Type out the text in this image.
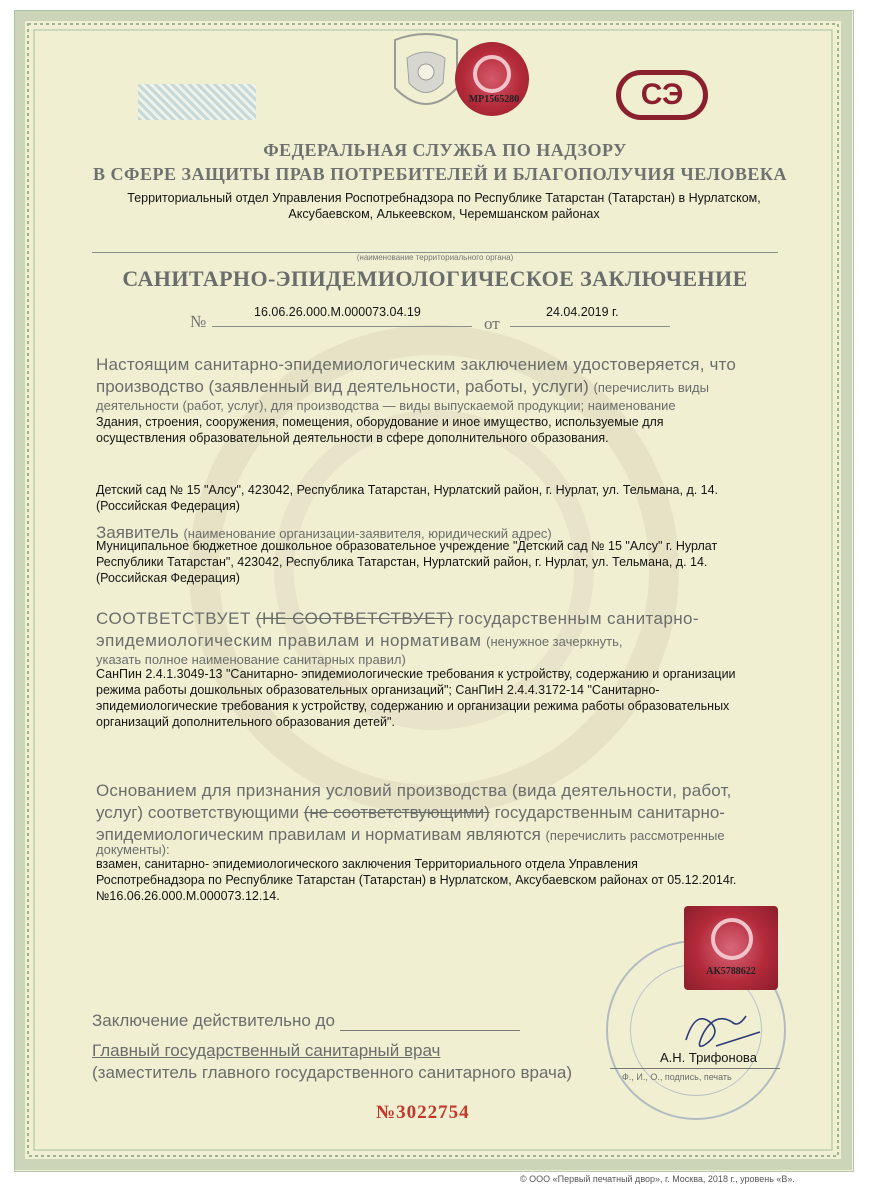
МР1565280	СЭ
ФЕДЕРАЛЬНАЯ СЛУЖБА ПО НАДЗОРУ
В СФЕРЕ ЗАЩИТЫ ПРАВ ПОТРЕБИТЕЛЕЙ И БЛАГОПОЛУЧИЯ ЧЕЛОВЕКА
Территориальный отдел Управления Роспотребнадзора по Республике Татарстан (Татарстан) в Нурлатском,
Аксубаевском, Алькеевском, Черемшанском районах
(наименование территориального органа)
САНИТАРНО-ЭПИДЕМИОЛОГИЧЕСКОЕ ЗАКЛЮЧЕНИЕ
№	16.06.26.000.М.000073.04.19
от
24.04.2019 г.
Настоящим санитарно-эпидемиологическим заключением удостоверяется, что
производство (заявленный вид деятельности, работы, услуги) (перечислить виды
деятельности (работ, услуг), для производства — виды выпускаемой продукции; наименование
Здания, строения, сооружения, помещения, оборудование и иное имущество, используемые для
осуществления образовательной деятельности в сфере дополнительного образования.
Детский сад № 15 "Алсу", 423042, Республика Татарстан, Нурлатский район, г. Нурлат, ул. Тельмана, д. 14.
(Российская Федерация)
Заявитель (наименование организации-заявителя, юридический адрес)
Муниципальное бюджетное дошкольное образовательное учреждение "Детский сад № 15 "Алсу" г. Нурлат
Республики Татарстан", 423042, Республика Татарстан, Нурлатский район, г. Нурлат, ул. Тельмана, д. 14.
(Российская Федерация)
СООТВЕТСТВУЕТ (НЕ СООТВЕТСТВУЕТ) государственным санитарно-
эпидемиологическим правилам и нормативам (ненужное зачеркнуть,
указать полное наименование санитарных правил)
СанПин 2.4.1.3049-13 "Санитарно- эпидемиологические требования к устройству, содержанию и организации
режима работы дошкольных образовательных организаций"; СанПиН 2.4.4.3172-14 "Санитарно-
эпидемиологические требования к устройству, содержанию и организации режима работы образовательных
организаций дополнительного образования детей".
Основанием для признания условий производства (вида деятельности, работ,
услуг) соответствующими (не соответствующими) государственным санитарно-
эпидемиологическим правилам и нормативам являются (перечислить рассмотренные
документы):
взамен, санитарно- эпидемиологического заключения Территориального отдела Управления
Роспотребнадзора по Республике Татарстан (Татарстан) в Нурлатском, Аксубаевском районах от 05.12.2014г.
№16.06.26.000.М.000073.12.14.
АК5788622
Заключение действительно до
Главный государственный санитарный врач
(заместитель главного государственного санитарного врача)
А.Н. Трифонова
Ф., И., О., подпись, печать
№3022754
© ООО «Первый печатный двор», г. Москва, 2018 г., уровень «В».
